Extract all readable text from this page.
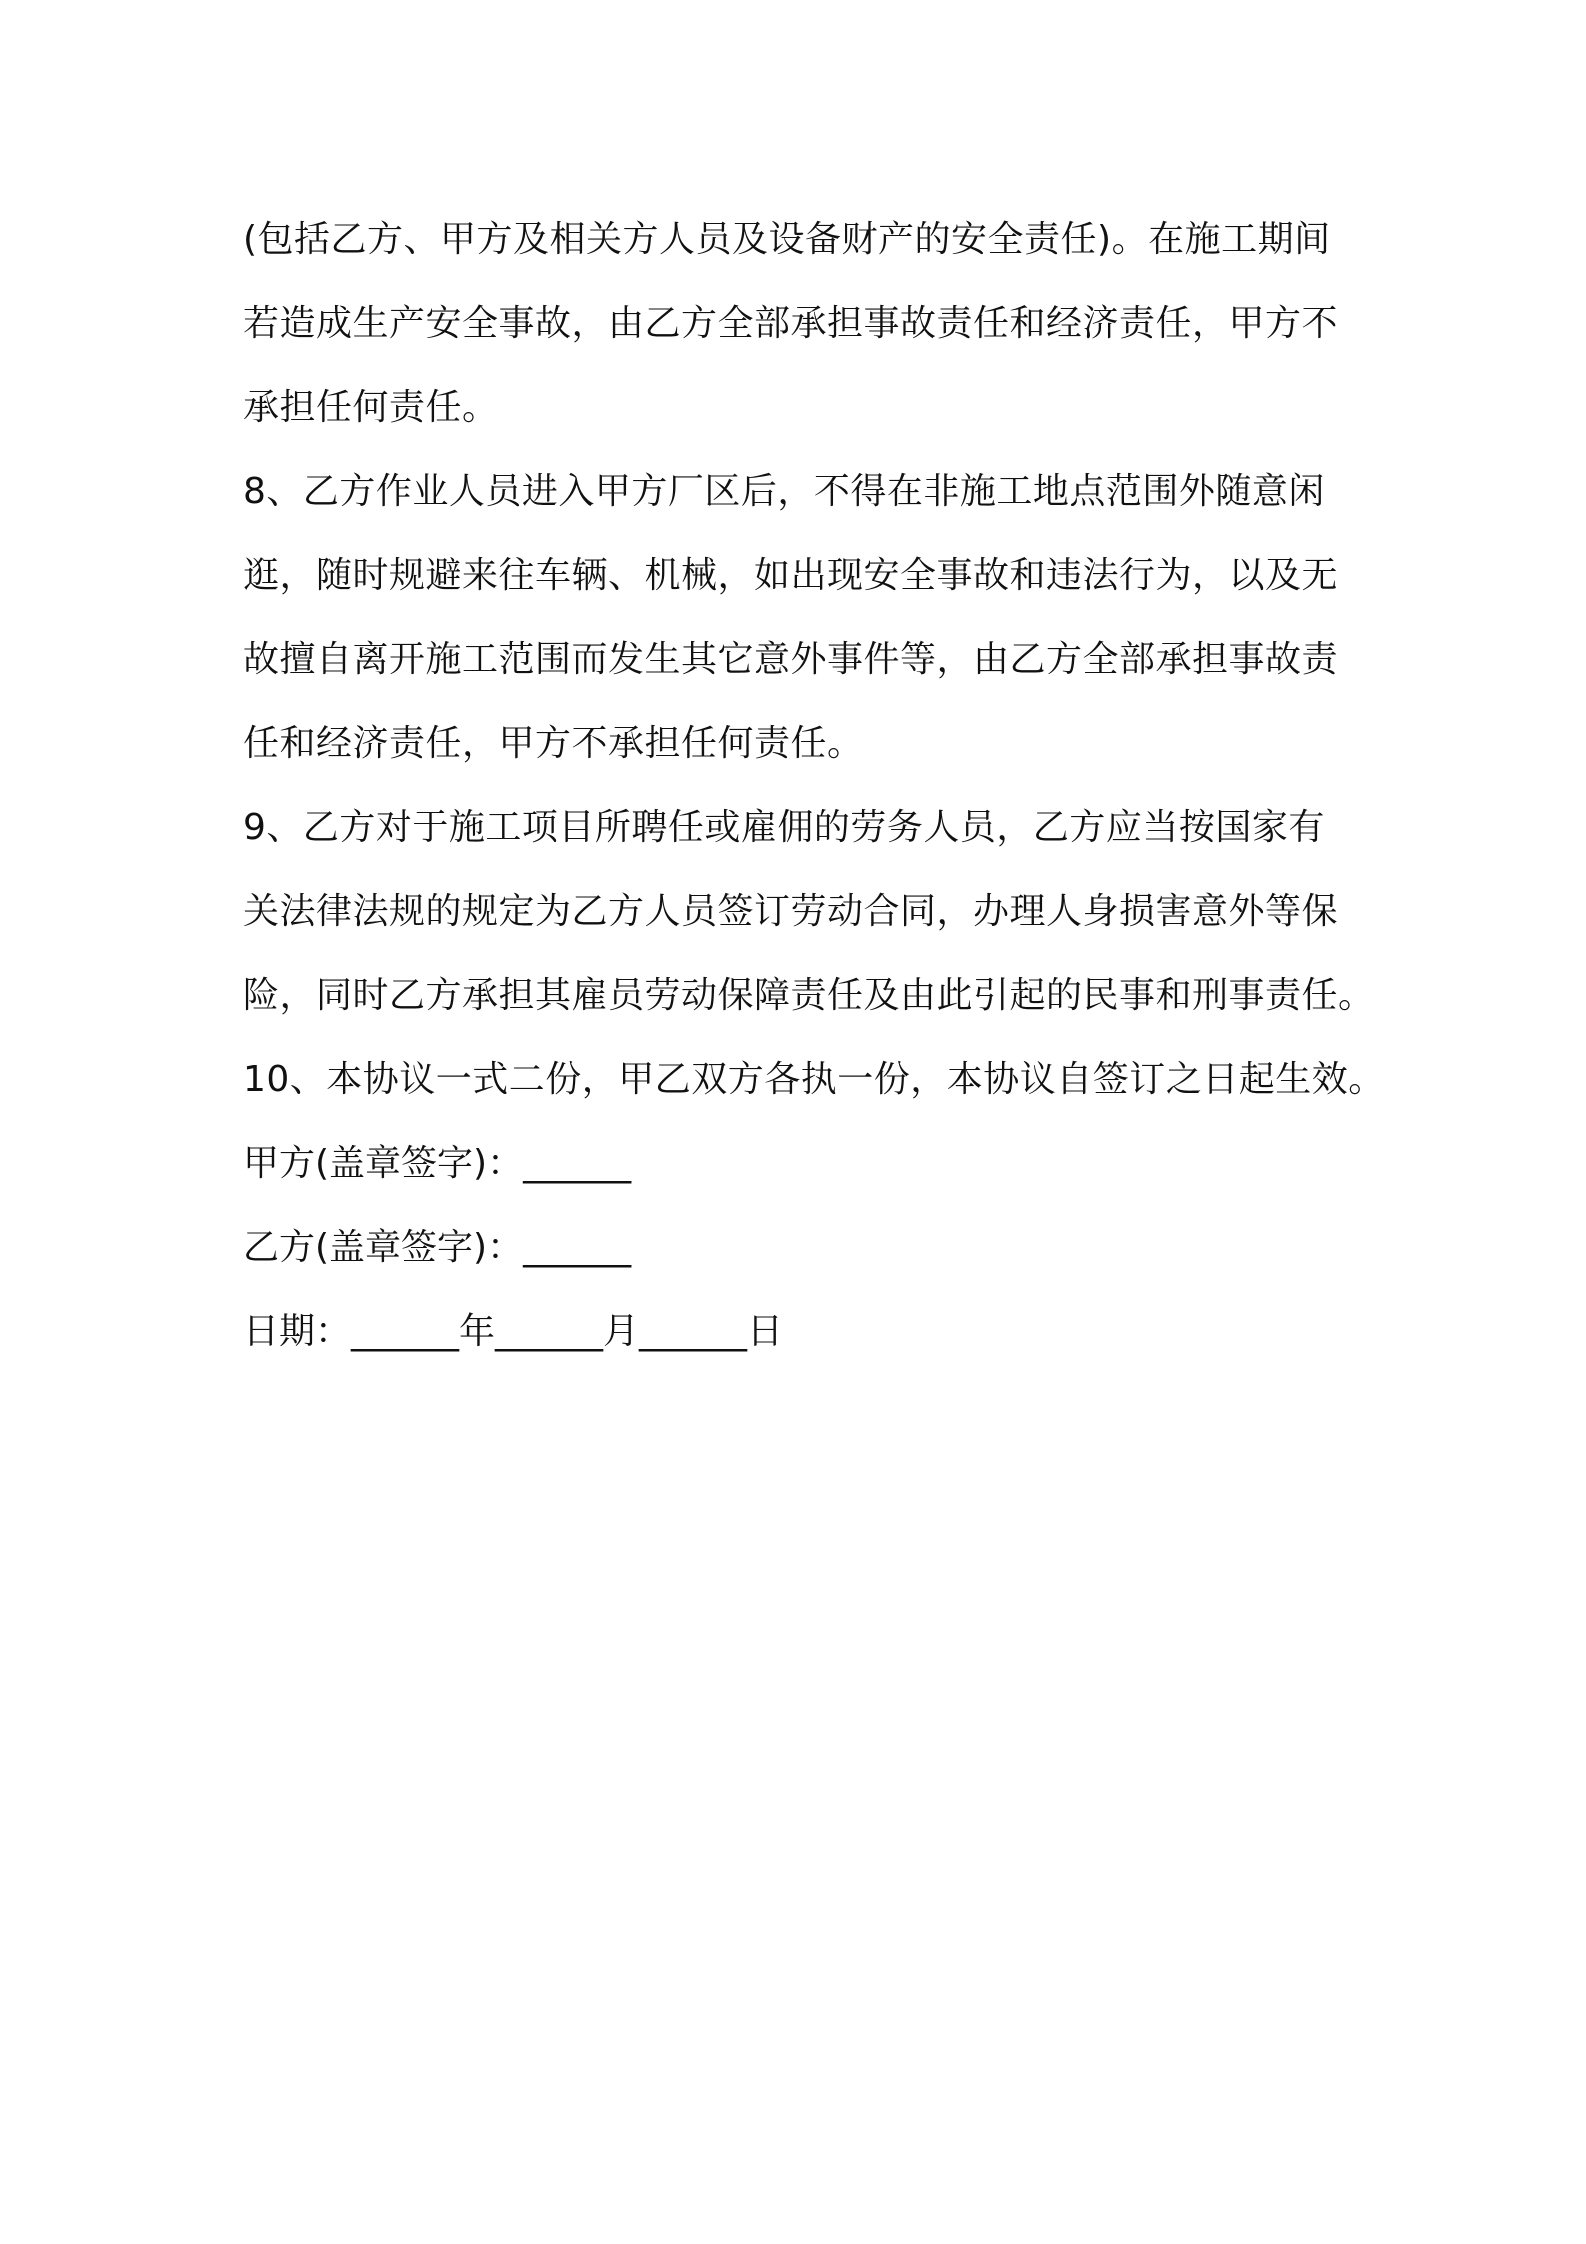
(包括乙方、甲方及相关方人员及设备财产的安全责任)。在施工期间
若造成生产安全事故，由乙方全部承担事故责任和经济责任，甲方不
承担任何责任。

8、乙方作业人员进入甲方厂区后，不得在非施工地点范围外随意闲
逛，随时规避来往车辆、机械，如出现安全事故和违法行为，以及无
故擅自离开施工范围而发生其它意外事件等，由乙方全部承担事故责
任和经济责任，甲方不承担任何责任。

9、乙方对于施工项目所聘任或雇佣的劳务人员，乙方应当按国家有
关法律法规的规定为乙方人员签订劳动合同，办理人身损害意外等保
险，同时乙方承担其雇员劳动保障责任及由此引起的民事和刑事责任。

10、本协议一式二份，甲乙双方各执一份，本协议自签订之日起生效。

甲方(盖章签字)：______
乙方(盖章签字)：______
日期：______年______月______日
